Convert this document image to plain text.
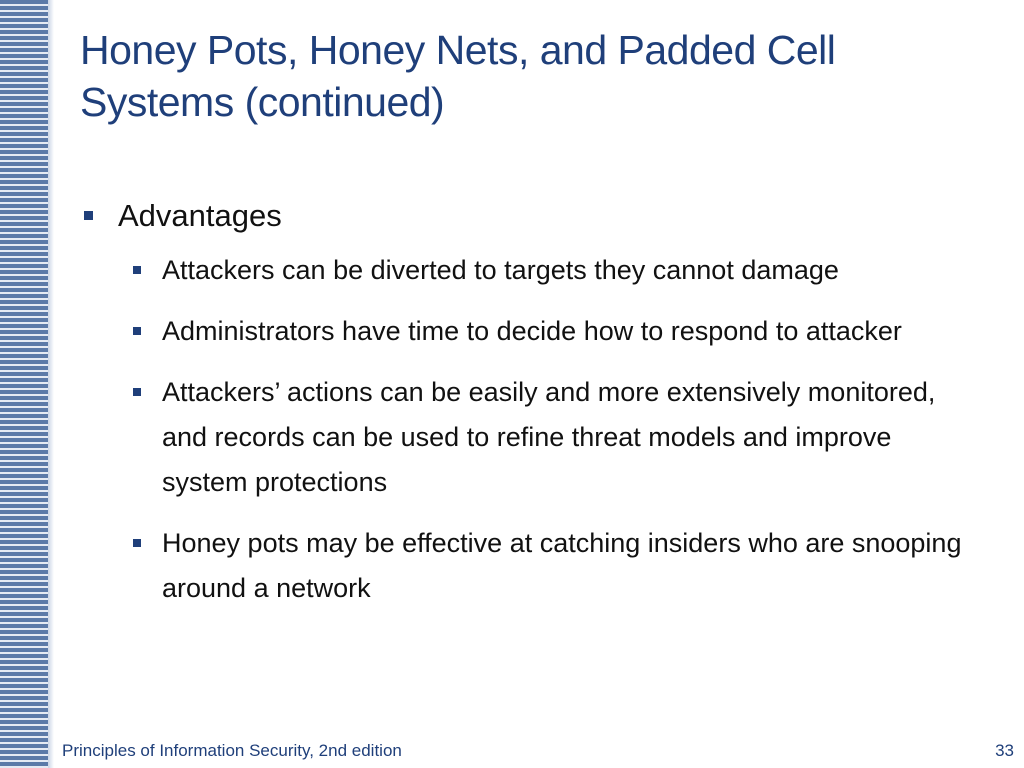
Honey Pots, Honey Nets, and Padded Cell
Systems (continued)
Advantages
Attackers can be diverted to targets they cannot damage
Administrators have time to decide how to respond to attacker
Attackers’ actions can be easily and more extensively monitored, and records can be used to refine threat models and improve system protections
Honey pots may be effective at catching insiders who are snooping around a network
Principles of Information Security, 2nd edition	33
